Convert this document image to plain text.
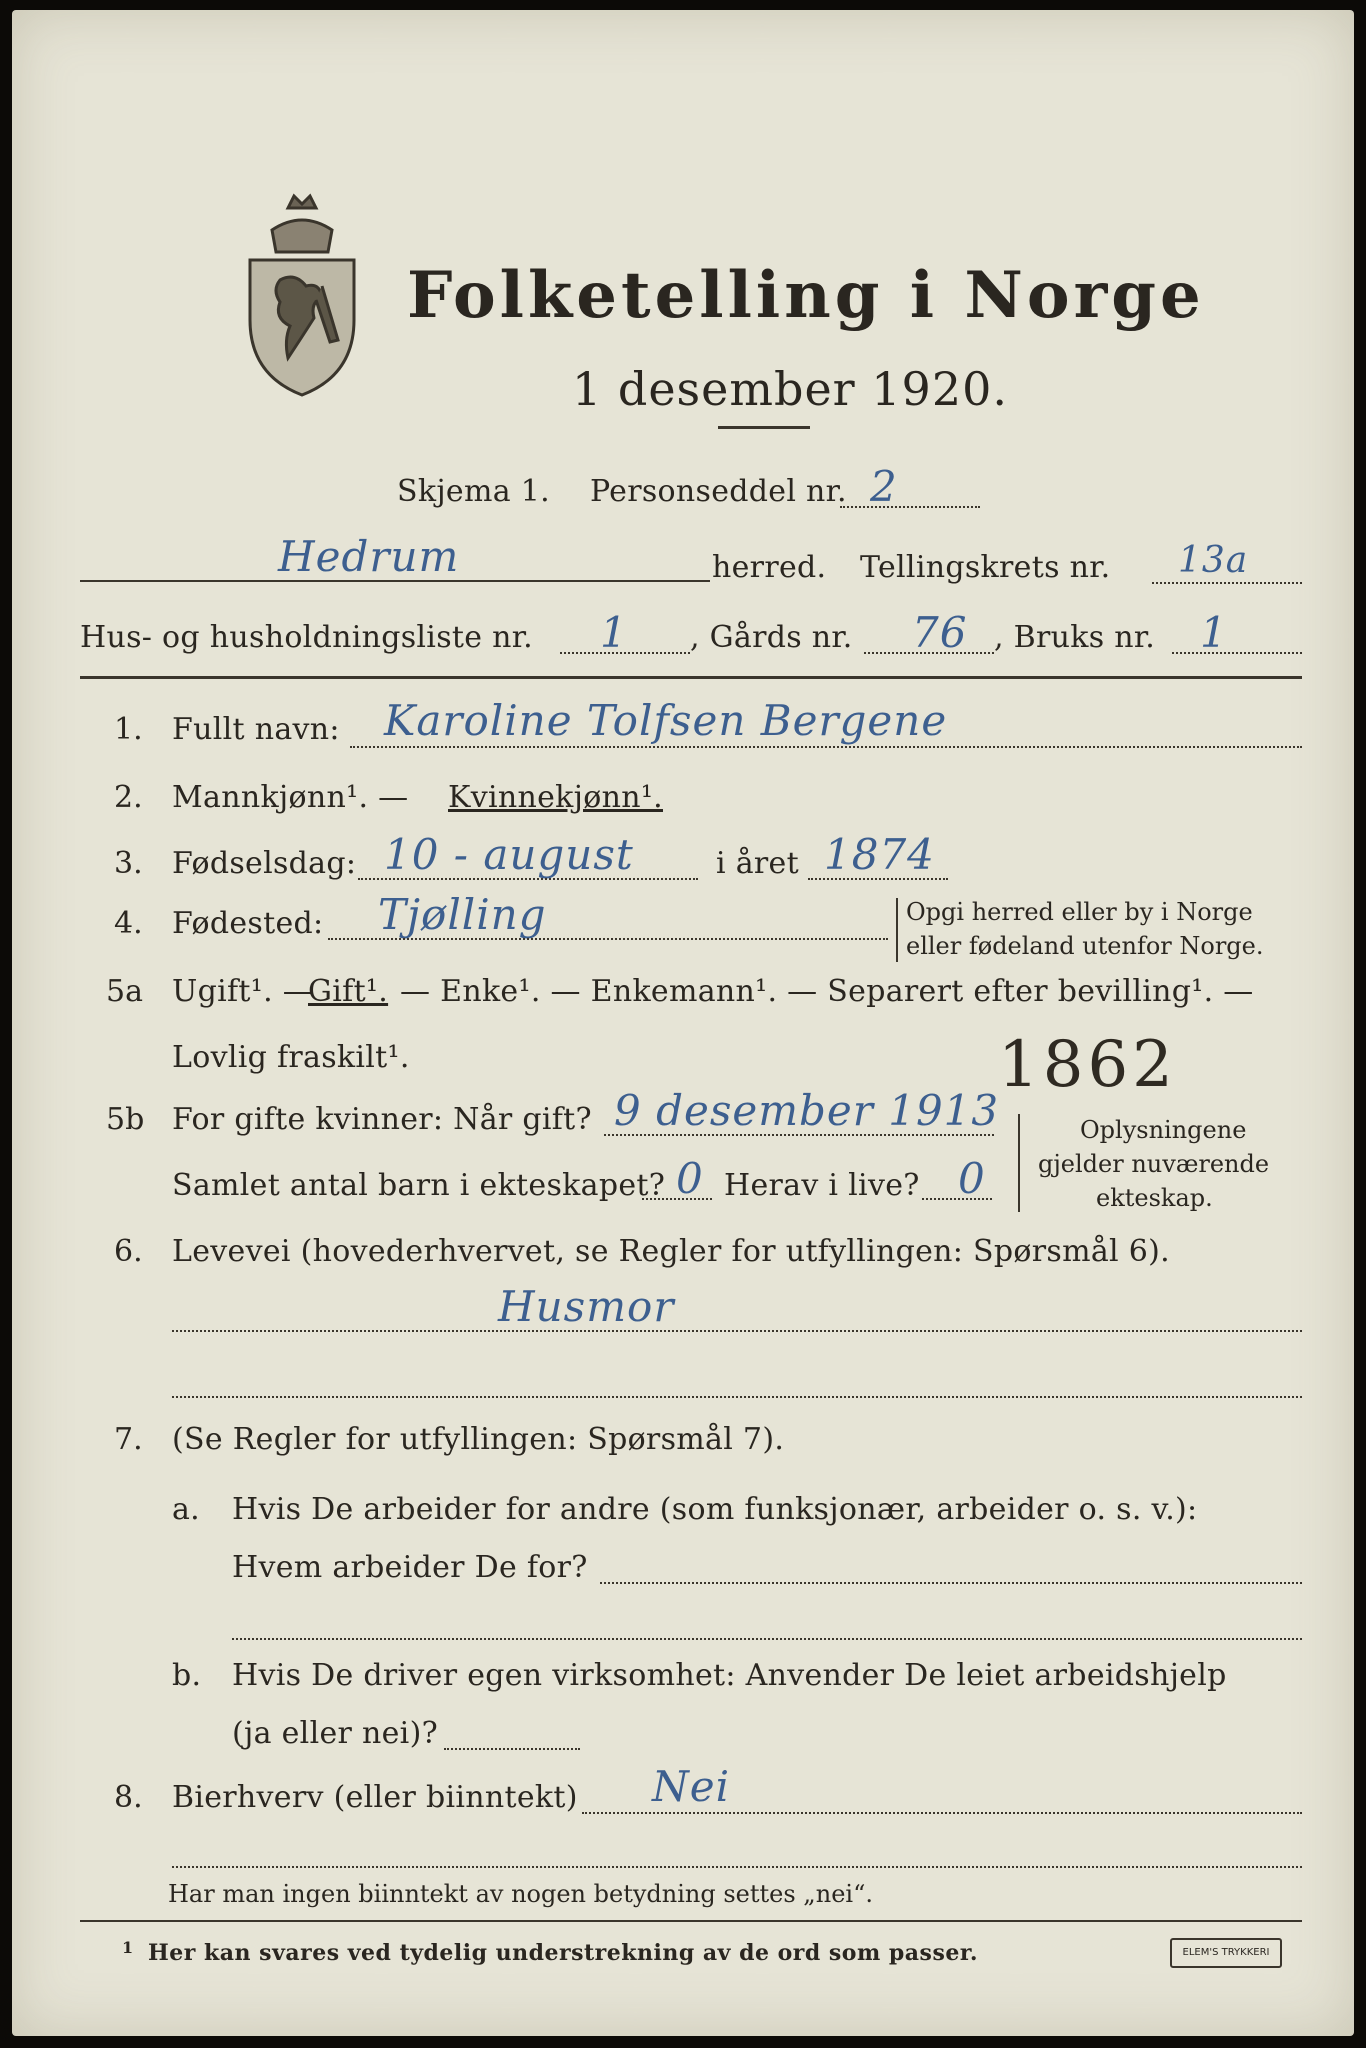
Folketelling i Norge
1 desember 1920.
Skjema 1. Personseddel nr. 2
Hedrum	herred. Tellingskrets nr. 13a
Hus- og husholdningsliste nr. 1 , Gårds nr. 76 , Bruks nr. 1
1. Fullt navn: Karoline Tolfsen Bergene
2. Mannkjønn¹. — Kvinnekjønn¹.
3. Fødselsdag: 10 - august	i året 1874
4. Fødested: Tjølling	Opgi herred eller by i Norge
eller fødeland utenfor Norge.
5a Ugift¹. —
Gift¹. — Enke¹. — Enkemann¹. — Separert efter bevilling¹. —
Lovlig fraskilt¹.	1862
5b For gifte kvinner: Når gift? 9 desember 1913
Samlet antal barn i ekteskapet? 0 Herav i live? 0
Oplysningene
gjelder nuværende
ekteskap.
6. Levevei (hovederhvervet, se Regler for utfyllingen: Spørsmål 6).
Husmor
7. (Se Regler for utfyllingen: Spørsmål 7).
a. Hvis De arbeider for andre (som funksjonær, arbeider o. s. v.):
Hvem arbeider De for?
b. Hvis De driver egen virksomhet: Anvender De leiet arbeidshjelp
(ja eller nei)?
8. Bierhverv (eller biinntekt) Nei
Har man ingen biinntekt av nogen betydning settes „nei“.
1 Her kan svares ved tydelig understrekning av de ord som passer.	ELEM'S TRYKKERI
